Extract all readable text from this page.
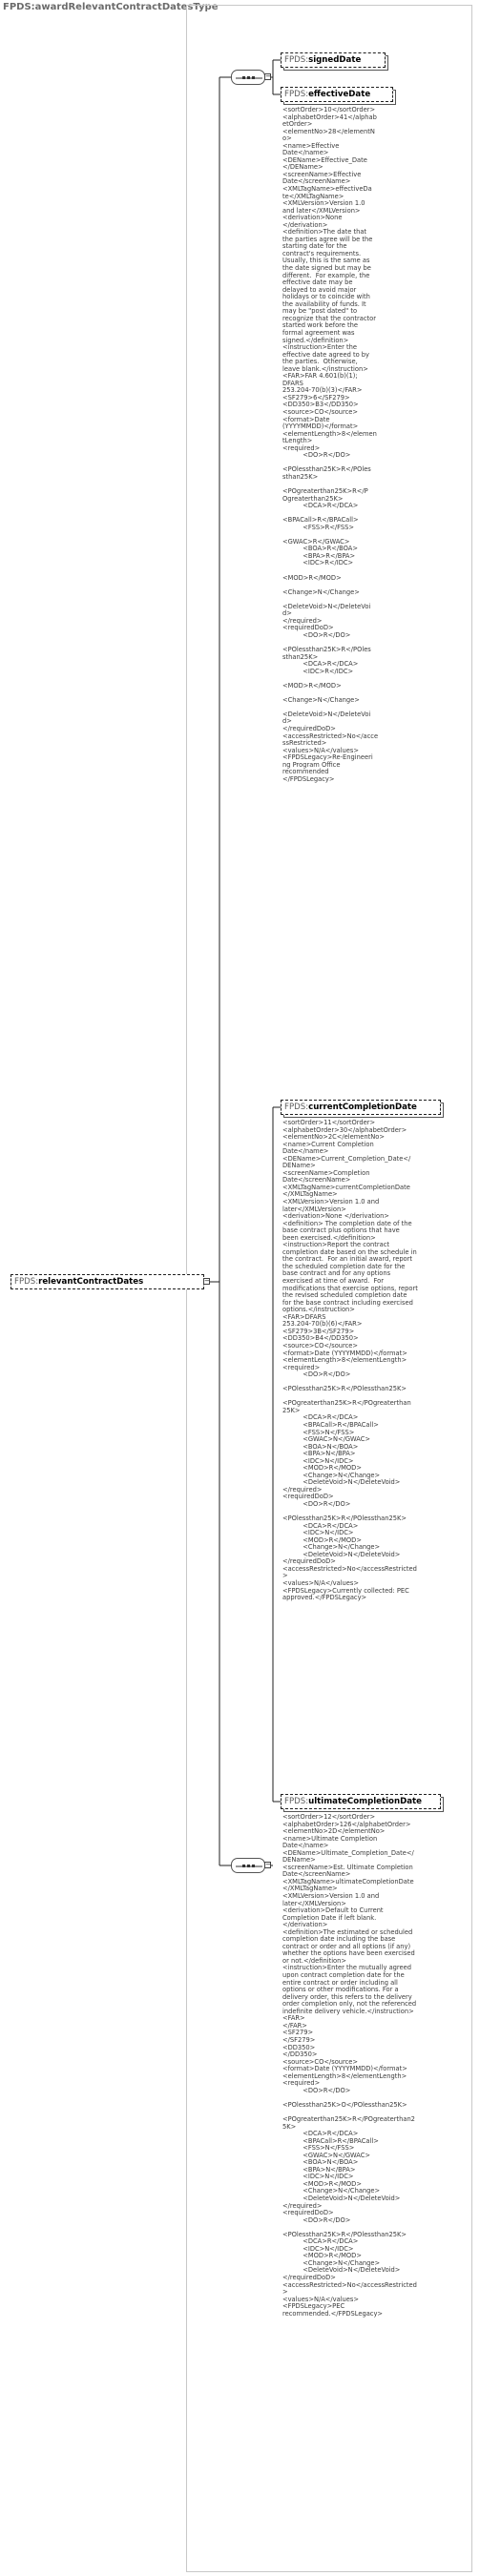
FPDS:awardRelevantContractDatesType
FPDS: relevantContractDates	−
−
FPDS: signedDate
FPDS: effectiveDate
<sortOrder>10</sortOrder>
<alphabetOrder>41</alphab
etOrder>
<elementNo>28</elementN
o>
<name>Effective
Date</name>
<DEName>Effective_Date
</DEName>
<screenName>Effective
Date</screenName>
<XMLTagName>effectiveDa
te</XMLTagName>
<XMLVersion>Version 1.0
and later</XMLVersion>
<derivation>None
</derivation>
<definition>The date that
the parties agree will be the
starting date for the
contract's requirements.
Usually, this is the same as
the date signed but may be
different.  For example, the
effective date may be
delayed to avoid major
holidays or to coincide with
the availability of funds. It
may be "post dated" to
recognize that the contractor
started work before the
formal agreement was
signed.</definition>
<instruction>Enter the
effective date agreed to by
the parties.  Otherwise,
leave blank.</instruction>
<FAR>FAR 4.601(b)(1);
DFARS
253.204-70(b)(3)</FAR>
<SF279>6</SF279>
<DD350>B3</DD350>
<source>CO</source>
<format>Date
(YYYYMMDD)</format>
<elementLength>8</elemen
tLength>
<required>
<DO>R</DO>

<POlessthan25K>R</POles
sthan25K>

<POgreaterthan25K>R</P
Ogreaterthan25K>
<DCA>R</DCA>

<BPACall>R</BPACall>
<FSS>R</FSS>

<GWAC>R</GWAC>
<BOA>R</BOA>
<BPA>R</BPA>
<IDC>R</IDC>

<MOD>R</MOD>

<Change>N</Change>

<DeleteVoid>N</DeleteVoi
d>
</required>
<requiredDoD>
<DO>R</DO>

<POlessthan25K>R</POles
sthan25K>
<DCA>R</DCA>
<IDC>R</IDC>

<MOD>R</MOD>

<Change>N</Change>

<DeleteVoid>N</DeleteVoi
d>
</requiredDoD>
<accessRestricted>No</acce
ssRestricted>
<values>N/A</values>
<FPDSLegacy>Re-Engineeri
ng Program Office
recommended
</FPDSLegacy>
−
FPDS: currentCompletionDate
<sortOrder>11</sortOrder>
<alphabetOrder>30</alphabetOrder>
<elementNo>2C</elementNo>
<name>Current Completion
Date</name>
<DEName>Current_Completion_Date</
DEName>
<screenName>Completion
Date</screenName>
<XMLTagName>currentCompletionDate
</XMLTagName>
<XMLVersion>Version 1.0 and
later</XMLVersion>
<derivation>None </derivation>
<definition> The completion date of the
base contract plus options that have
been exercised.</definition>
<instruction>Report the contract
completion date based on the schedule in
the contract.  For an initial award, report
the scheduled completion date for the
base contract and for any options
exercised at time of award.  For
modifications that exercise options, report
the revised scheduled completion date
for the base contract including exercised
options.</instruction>
<FAR>DFARS
253.204-70(b)(6)</FAR>
<SF279>3B</SF279>
<DD350>B4</DD350>
<source>CO</source>
<format>Date (YYYYMMDD)</format>
<elementLength>8</elementLength>
<required>
<DO>R</DO>

<POlessthan25K>R</POlessthan25K>

<POgreaterthan25K>R</POgreaterthan
25K>
<DCA>R</DCA>
<BPACall>R</BPACall>
<FSS>N</FSS>
<GWAC>N</GWAC>
<BOA>N</BOA>
<BPA>N</BPA>
<IDC>N</IDC>
<MOD>R</MOD>
<Change>N</Change>
<DeleteVoid>N</DeleteVoid>
</required>
<requiredDoD>
<DO>R</DO>

<POlessthan25K>R</POlessthan25K>
<DCA>R</DCA>
<IDC>N</IDC>
<MOD>R</MOD>
<Change>N</Change>
<DeleteVoid>N</DeleteVoid>
</requiredDoD>
<accessRestricted>No</accessRestricted
>
<values>N/A</values>
<FPDSLegacy>Currently collected: PEC
approved.</FPDSLegacy>
FPDS: ultimateCompletionDate
<sortOrder>12</sortOrder>
<alphabetOrder>126</alphabetOrder>
<elementNo>2D</elementNo>
<name>Ultimate Completion
Date</name>
<DEName>Ultimate_Completion_Date</
DEName>
<screenName>Est. Ultimate Completion
Date</screenName>
<XMLTagName>ultimateCompletionDate
</XMLTagName>
<XMLVersion>Version 1.0 and
later</XMLVersion>
<derivation>Default to Current
Completion Date if left blank.
</derivation>
<definition>The estimated or scheduled
completion date including the base
contract or order and all options (if any)
whether the options have been exercised
or not.</definition>
<instruction>Enter the mutually agreed
upon contract completion date for the
entire contract or order including all
options or other modifications. For a
delivery order, this refers to the delivery
order completion only, not the referenced
indefinite delivery vehicle.</instruction>
<FAR>
</FAR>
<SF279>
</SF279>
<DD350>
</DD350>
<source>CO</source>
<format>Date (YYYYMMDD)</format>
<elementLength>8</elementLength>
<required>
<DO>R</DO>

<POlessthan25K>O</POlessthan25K>

<POgreaterthan25K>R</POgreaterthan2
5K>
<DCA>R</DCA>
<BPACall>R</BPACall>
<FSS>N</FSS>
<GWAC>N</GWAC>
<BOA>N</BOA>
<BPA>N</BPA>
<IDC>N</IDC>
<MOD>R</MOD>
<Change>N</Change>
<DeleteVoid>N</DeleteVoid>
</required>
<requiredDoD>
<DO>R</DO>

<POlessthan25K>R</POlessthan25K>
<DCA>R</DCA>
<IDC>N</IDC>
<MOD>R</MOD>
<Change>N</Change>
<DeleteVoid>N</DeleteVoid>
</requiredDoD>
<accessRestricted>No</accessRestricted
>
<values>N/A</values>
<FPDSLegacy>PEC
recommended.</FPDSLegacy>
